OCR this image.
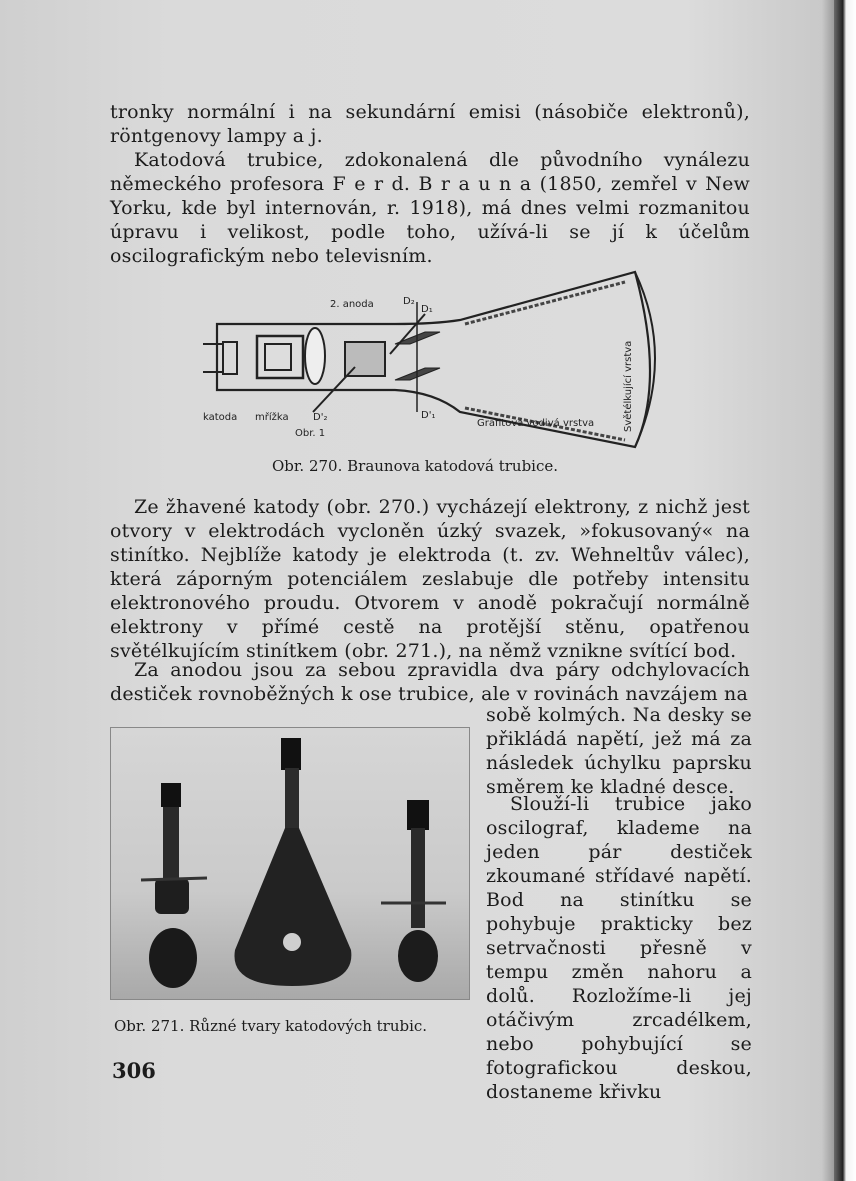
tronky normální i na sekundární emisi (násobiče elektronů), röntgenovy lampy a j.

Katodová trubice, zdokonalená dle původního vynálezu německého profesora F e r d. B r a u n a (1850, zemřel v New Yorku, kde byl internován, r. 1918), má dnes velmi rozmanitou úpravu i velikost, podle toho, užívá-li se jí k účelům oscilografickým nebo televisním.

2. anoda	D₂
D₁
katoda mřížka D'₂	D'₁
Grafitová vodivá vrstva
Obr. 1
Světélkující vrstva

Obr. 270. Braunova katodová trubice.

Ze žhavené katody (obr. 270.) vycházejí elektrony, z nichž jest otvory v elektrodách vycloněn úzký svazek, »fokusovaný« na stinítko. Nejblíže katody je elektroda (t. zv. Wehneltův válec), která záporným potenciálem zeslabuje dle potřeby intensitu elektronového proudu. Otvorem v anodě pokračují normálně elektrony v přímé cestě na protější stěnu, opatřenou světélkujícím stinítkem (obr. 271.), na němž vznikne svítící bod.

Za anodou jsou za sebou zpravidla dva páry odchylovacích destiček rovnoběžných k ose trubice, ale v rovinách navzájem na

sobě kolmých. Na desky se přikládá napětí, jež má za následek úchylku paprsku směrem ke kladné desce.

Slouží-li trubice jako oscilograf, klademe na jeden pár destiček zkoumané střídavé napětí. Bod na stinítku se pohybuje prakticky bez setrvačnosti přesně v tempu změn nahoru a dolů. Rozložíme-li jej otáčivým zrcadélkem, nebo pohybující se fotografickou deskou, dostaneme křivku

Obr. 271. Různé tvary katodových trubic.

306
